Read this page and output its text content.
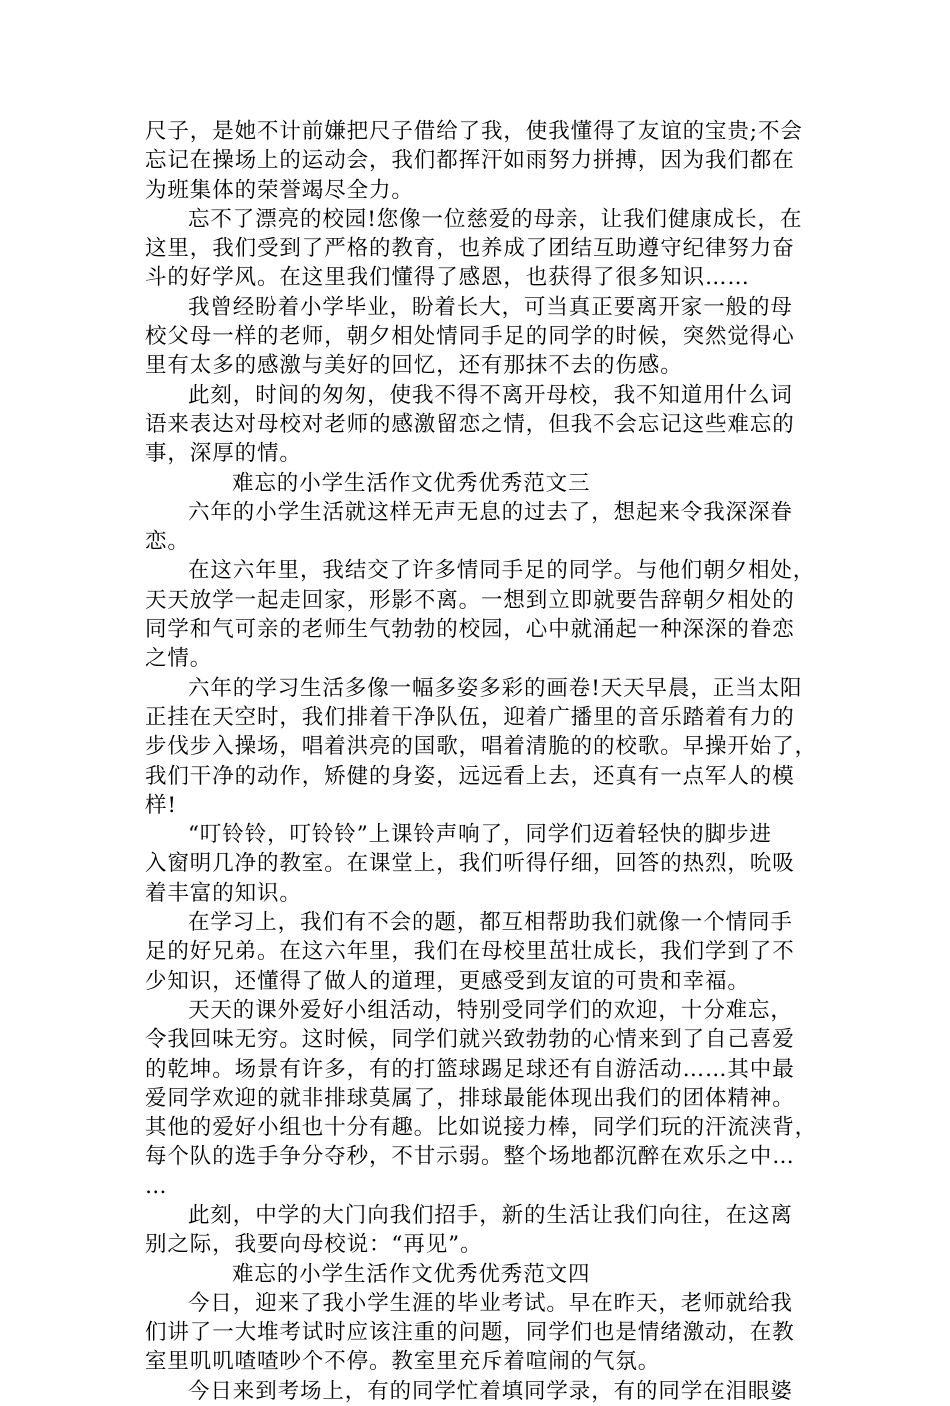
尺子，是她不计前嫌把尺子借给了我，使我懂得了友谊的宝贵;不会
忘记在操场上的运动会，我们都挥汗如雨努力拼搏，因为我们都在
为班集体的荣誉竭尽全力。
忘不了漂亮的校园!您像一位慈爱的母亲，让我们健康成长，在
这里，我们受到了严格的教育，也养成了团结互助遵守纪律努力奋
斗的好学风。在这里我们懂得了感恩，也获得了很多知识……
我曾经盼着小学毕业，盼着长大，可当真正要离开家一般的母
校父母一样的老师，朝夕相处情同手足的同学的时候，突然觉得心
里有太多的感激与美好的回忆，还有那抹不去的伤感。
此刻，时间的匆匆，使我不得不离开母校，我不知道用什么词
语来表达对母校对老师的感激留恋之情，但我不会忘记这些难忘的
事，深厚的情。
难忘的小学生活作文优秀优秀范文三
六年的小学生活就这样无声无息的过去了，想起来令我深深眷
恋。
在这六年里，我结交了许多情同手足的同学。与他们朝夕相处，
天天放学一起走回家，形影不离。一想到立即就要告辞朝夕相处的
同学和气可亲的老师生气勃勃的校园，心中就涌起一种深深的眷恋
之情。
六年的学习生活多像一幅多姿多彩的画卷!天天早晨，正当太阳
正挂在天空时，我们排着干净队伍，迎着广播里的音乐踏着有力的
步伐步入操场，唱着洪亮的国歌，唱着清脆的的校歌。早操开始了，
我们干净的动作，矫健的身姿，远远看上去，还真有一点军人的模
样!
“叮铃铃，叮铃铃”上课铃声响了，同学们迈着轻快的脚步进
入窗明几净的教室。在课堂上，我们听得仔细，回答的热烈，吮吸
着丰富的知识。
在学习上，我们有不会的题，都互相帮助我们就像一个情同手
足的好兄弟。在这六年里，我们在母校里茁壮成长，我们学到了不
少知识，还懂得了做人的道理，更感受到友谊的可贵和幸福。
天天的课外爱好小组活动，特别受同学们的欢迎，十分难忘，
令我回味无穷。这时候，同学们就兴致勃勃的心情来到了自己喜爱
的乾坤。场景有许多，有的打篮球踢足球还有自游活动……其中最
爱同学欢迎的就非排球莫属了，排球最能体现出我们的团体精神。
其他的爱好小组也十分有趣。比如说接力棒，同学们玩的汗流浃背，
每个队的选手争分夺秒，不甘示弱。整个场地都沉醉在欢乐之中…
…
此刻，中学的大门向我们招手，新的生活让我们向往，在这离
别之际，我要向母校说：“再见”。
难忘的小学生活作文优秀优秀范文四
今日，迎来了我小学生涯的毕业考试。早在昨天，老师就给我
们讲了一大堆考试时应该注重的问题，同学们也是情绪激动，在教
室里叽叽喳喳吵个不停。教室里充斥着喧闹的气氛。
今日来到考场上，有的同学忙着填同学录，有的同学在泪眼婆
